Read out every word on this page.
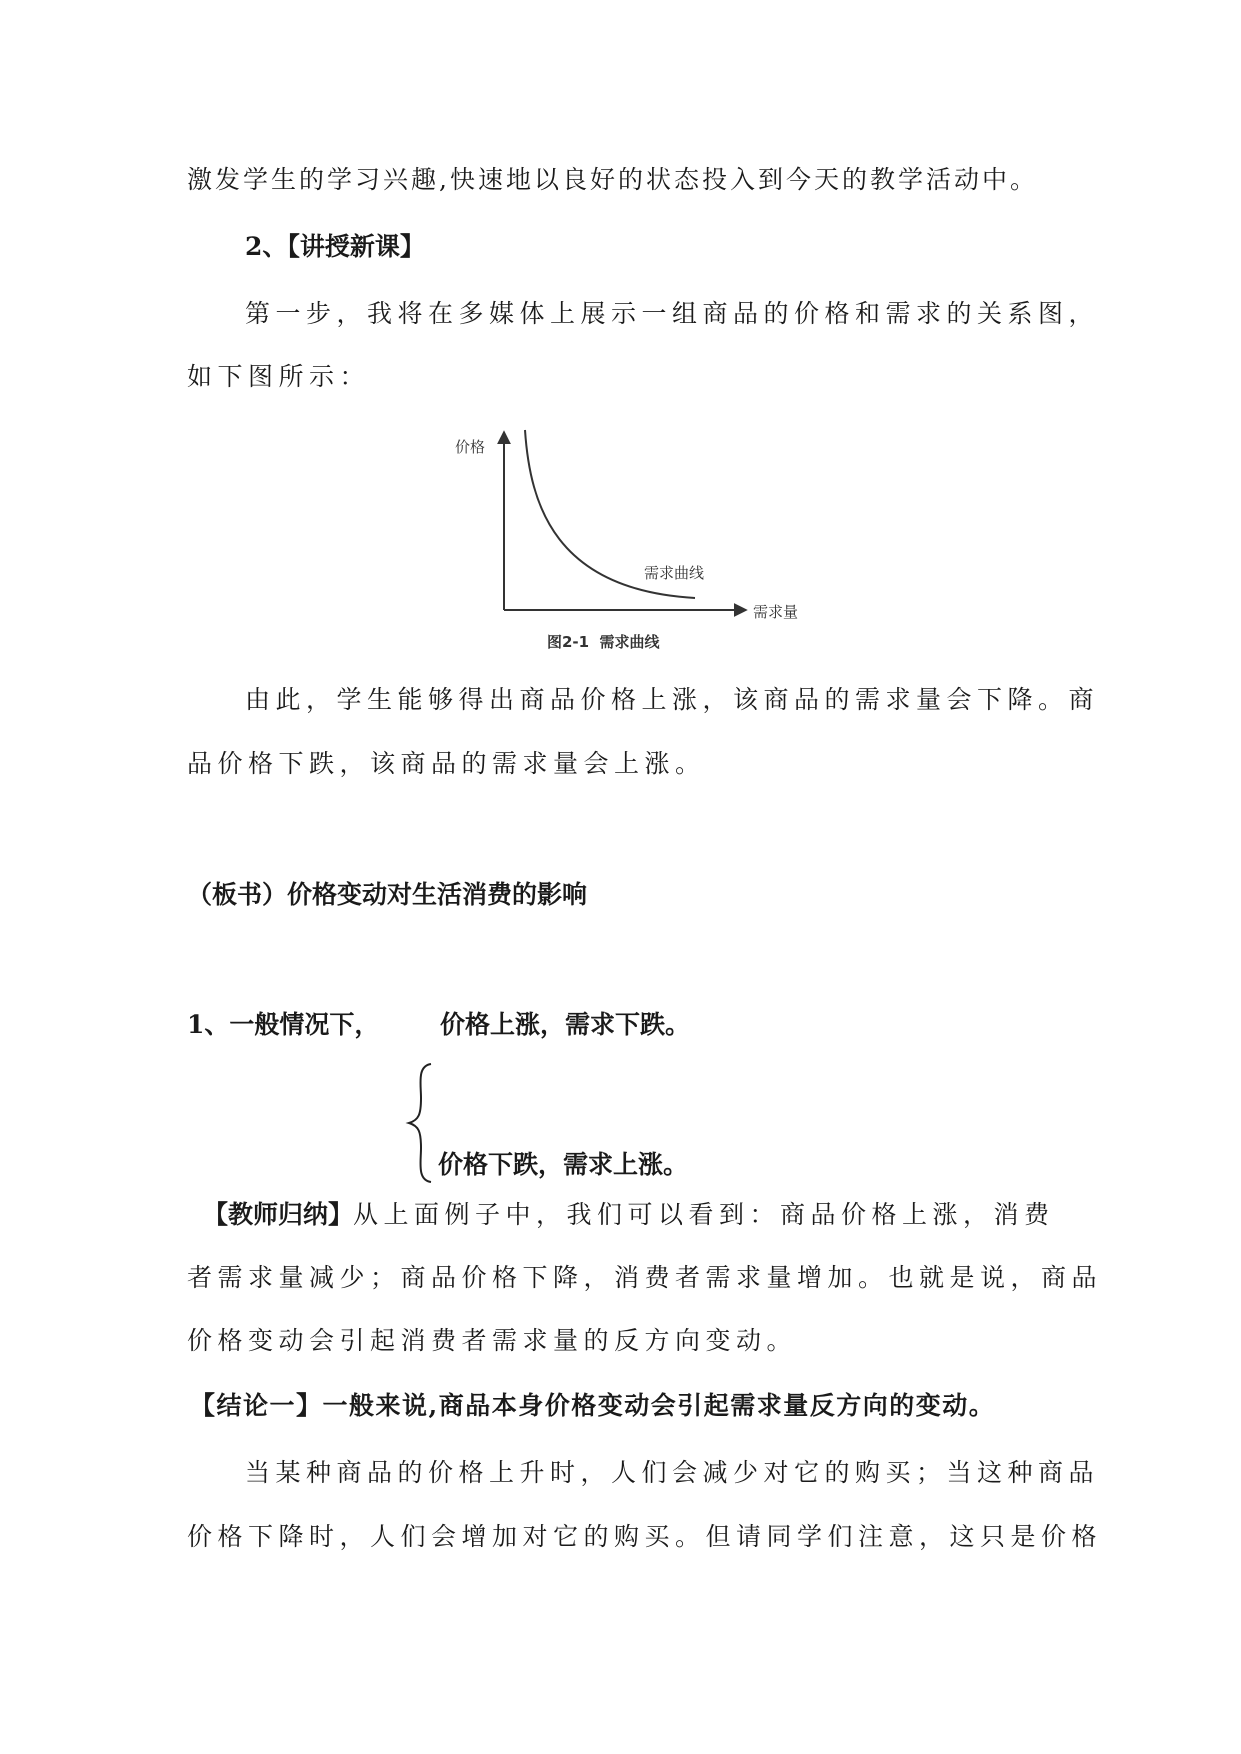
激发学生的学习兴趣,快速地以良好的状态投入到今天的教学活动中。

2、【讲授新课】

第一步，我将在多媒体上展示一组商品的价格和需求的关系图，

如下图所示：

价格
需求量
需求曲线
图2-1  需求曲线

由此，学生能够得出商品价格上涨，该商品的需求量会下降。商

品价格下跌，该商品的需求量会上涨。

（板书）价格变动对生活消费的影响

1、一般情况下， 价格上涨，需求下跌。

价格下跌，需求上涨。

【教师归纳】从上面例子中，我们可以看到：商品价格上涨，消费

者需求量减少；商品价格下降，消费者需求量增加。也就是说，商品

价格变动会引起消费者需求量的反方向变动。

【结论一】一般来说,商品本身价格变动会引起需求量反方向的变动。

当某种商品的价格上升时，人们会减少对它的购买；当这种商品

价格下降时，人们会增加对它的购买。但请同学们注意，这只是价格
